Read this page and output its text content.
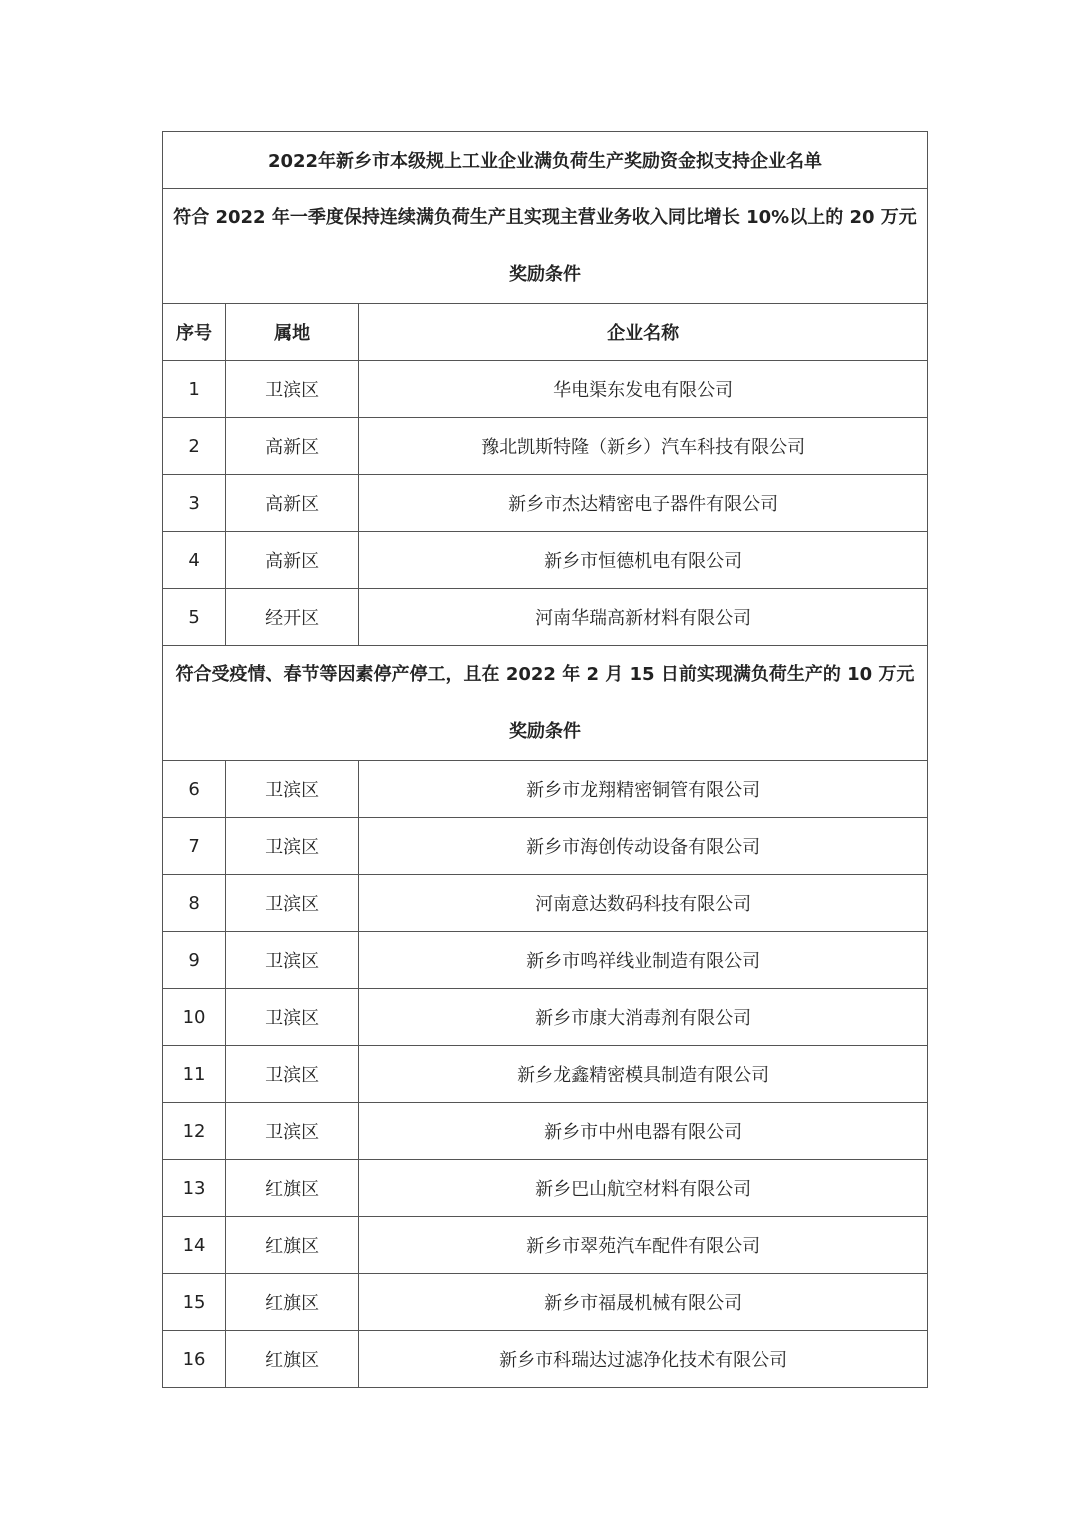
2022年新乡市本级规上工业企业满负荷生产奖励资金拟支持企业名单		
符合 2022 年一季度保持连续满负荷生产且实现主营业务收入同比增长 10%以上的 20 万元奖励条件		
序号	属地	企业名称
1	卫滨区	华电渠东发电有限公司
2	高新区	豫北凯斯特隆（新乡）汽车科技有限公司
3	高新区	新乡市杰达精密电子器件有限公司
4	高新区	新乡市恒德机电有限公司
5	经开区	河南华瑞高新材料有限公司
符合受疫情、春节等因素停产停工，且在 2022 年 2 月 15 日前实现满负荷生产的 10 万元奖励条件		
6	卫滨区	新乡市龙翔精密铜管有限公司
7	卫滨区	新乡市海创传动设备有限公司
8	卫滨区	河南意达数码科技有限公司
9	卫滨区	新乡市鸣祥线业制造有限公司
10	卫滨区	新乡市康大消毒剂有限公司
11	卫滨区	新乡龙鑫精密模具制造有限公司
12	卫滨区	新乡市中州电器有限公司
13	红旗区	新乡巴山航空材料有限公司
14	红旗区	新乡市翠苑汽车配件有限公司
15	红旗区	新乡市福晟机械有限公司
16	红旗区	新乡市科瑞达过滤净化技术有限公司
